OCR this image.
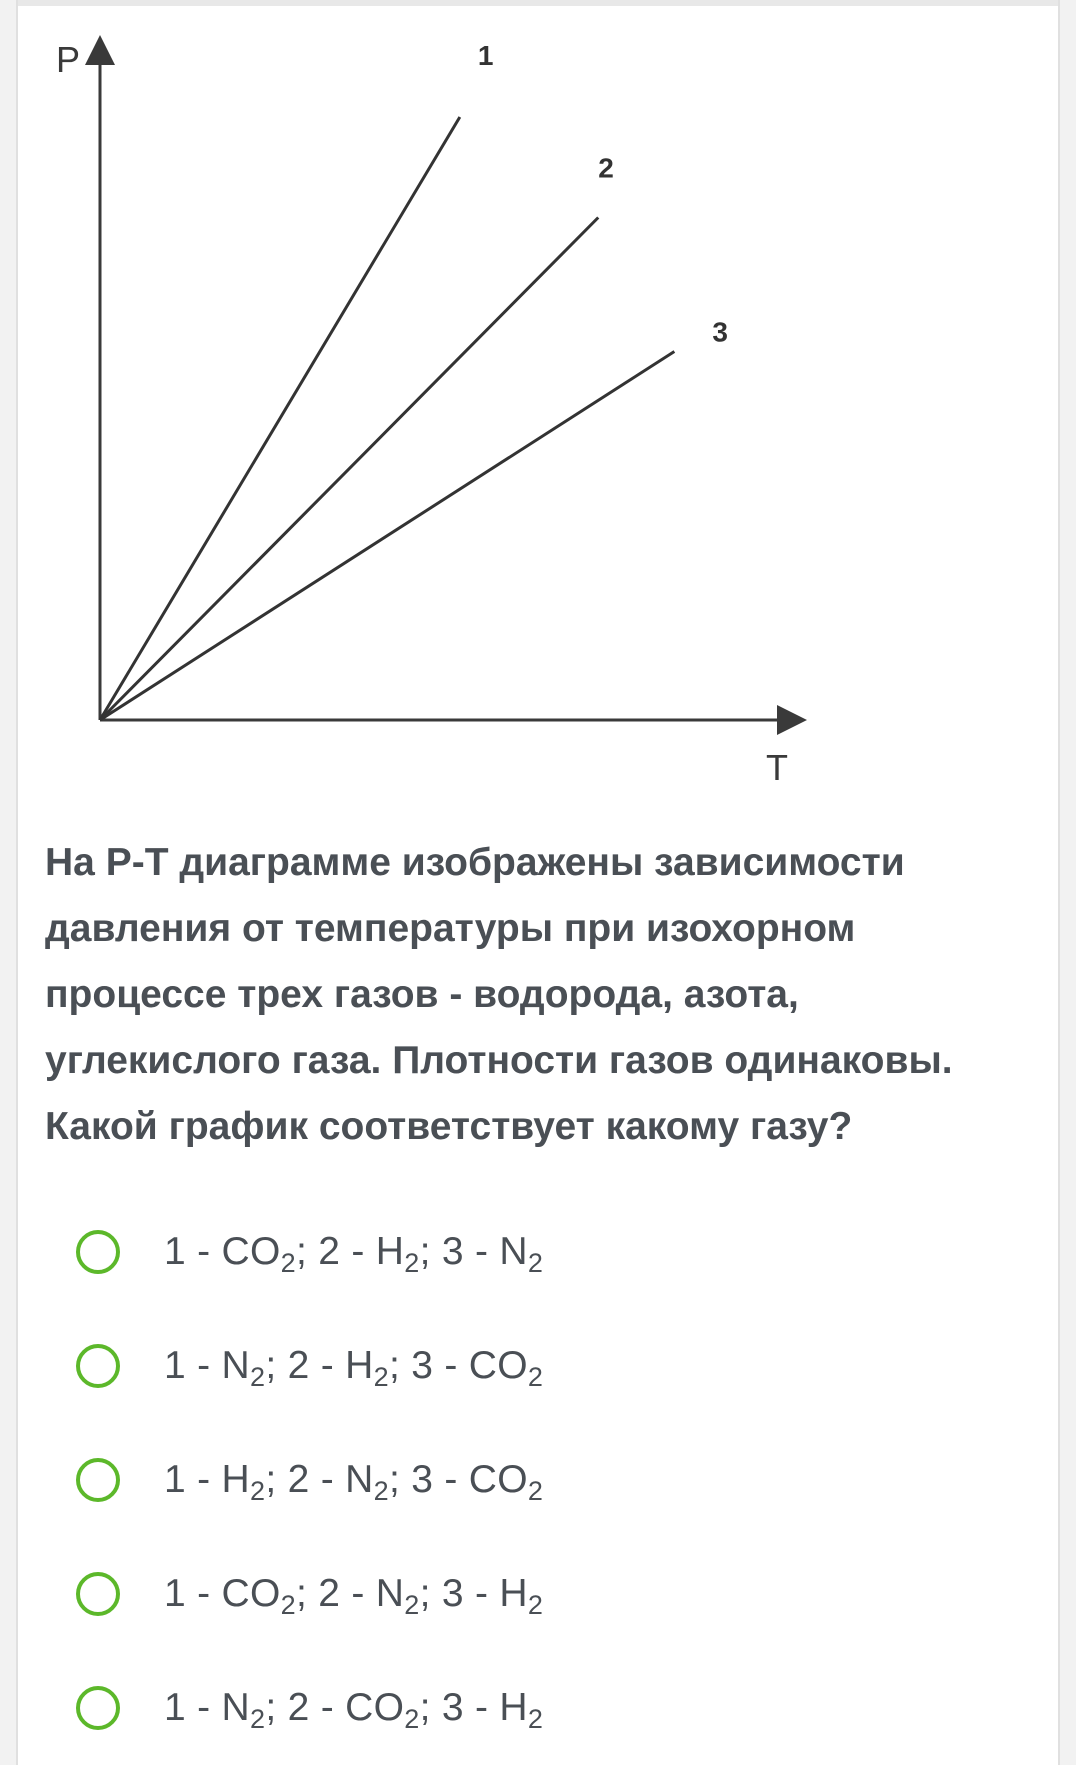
P
T
1
2
3
На Р-Т диаграмме изображены зависимости
давления от температуры при изохорном
процессе трех газов - водорода, азота,
углекислого газа. Плотности газов одинаковы.
Какой график соответствует какому газу?
$1 - CO_2$; $2 - H_2$; $3 - N_2$
$1 - N_2$; $2 - H_2$; $3 - CO_2$
$1 - H_2$; $2 - N_2$; $3 - CO_2$
$1 - CO_2$; $2 - N_2$; $3 - H_2$
$1 - N_2$; $2 - CO_2$; $3 - H_2$
